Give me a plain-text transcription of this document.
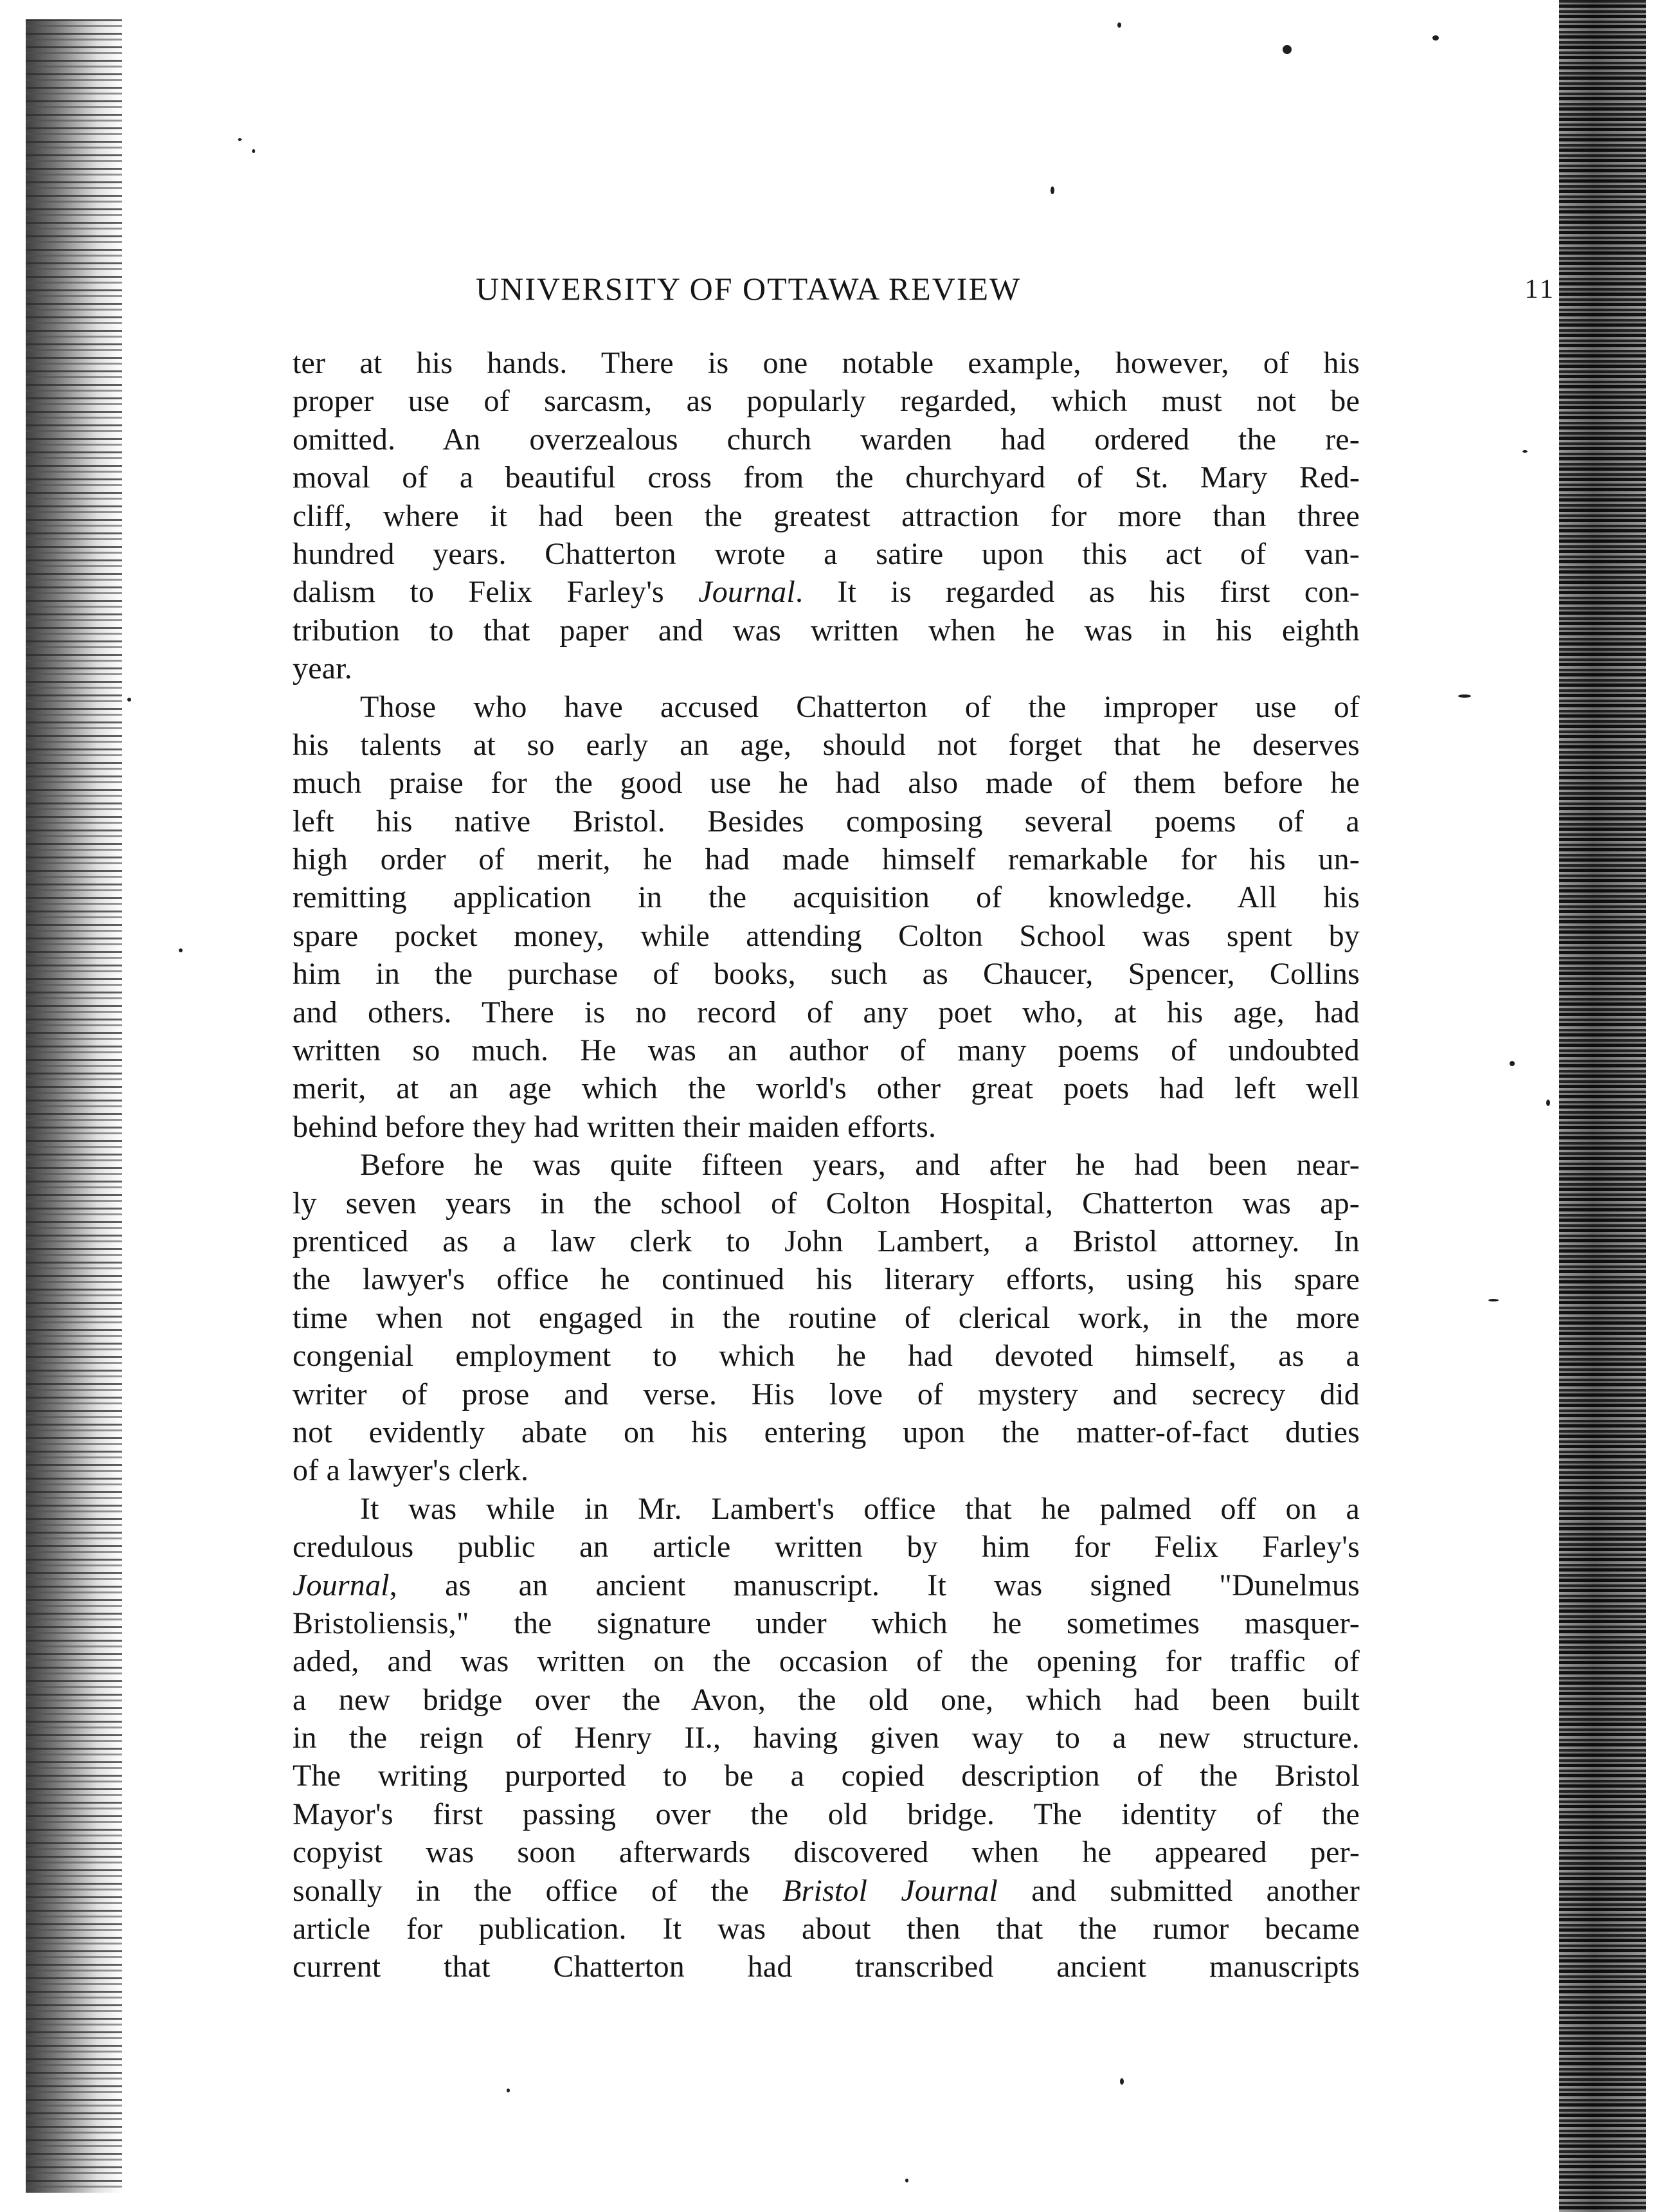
UNIVERSITY OF OTTAWA REVIEW	11
ter at his hands. There is one notable example, however, of his
proper use of sarcasm, as popularly regarded, which must not be
omitted. An overzealous church warden had ordered the re-
moval of a beautiful cross from the churchyard of St. Mary Red-
cliff, where it had been the greatest attraction for more than three
hundred years. Chatterton wrote a satire upon this act of van-
dalism to Felix Farley's Journal. It is regarded as his first con-
tribution to that paper and was written when he was in his eighth
year.
Those who have accused Chatterton of the improper use of
his talents at so early an age, should not forget that he deserves
much praise for the good use he had also made of them before he
left his native Bristol. Besides composing several poems of a
high order of merit, he had made himself remarkable for his un-
remitting application in the acquisition of knowledge. All his
spare pocket money, while attending Colton School was spent by
him in the purchase of books, such as Chaucer, Spencer, Collins
and others. There is no record of any poet who, at his age, had
written so much. He was an author of many poems of undoubted
merit, at an age which the world's other great poets had left well
behind before they had written their maiden efforts.
Before he was quite fifteen years, and after he had been near-
ly seven years in the school of Colton Hospital, Chatterton was ap-
prenticed as a law clerk to John Lambert, a Bristol attorney. In
the lawyer's office he continued his literary efforts, using his spare
time when not engaged in the routine of clerical work, in the more
congenial employment to which he had devoted himself, as a
writer of prose and verse. His love of mystery and secrecy did
not evidently abate on his entering upon the matter-of-fact duties
of a lawyer's clerk.
It was while in Mr. Lambert's office that he palmed off on a
credulous public an article written by him for Felix Farley's
Journal, as an ancient manuscript. It was signed "Dunelmus
Bristoliensis," the signature under which he sometimes masquer-
aded, and was written on the occasion of the opening for traffic of
a new bridge over the Avon, the old one, which had been built
in the reign of Henry II., having given way to a new structure.
The writing purported to be a copied description of the Bristol
Mayor's first passing over the old bridge. The identity of the
copyist was soon afterwards discovered when he appeared per-
sonally in the office of the Bristol Journal and submitted another
article for publication. It was about then that the rumor became
current that Chatterton had transcribed ancient manuscripts
